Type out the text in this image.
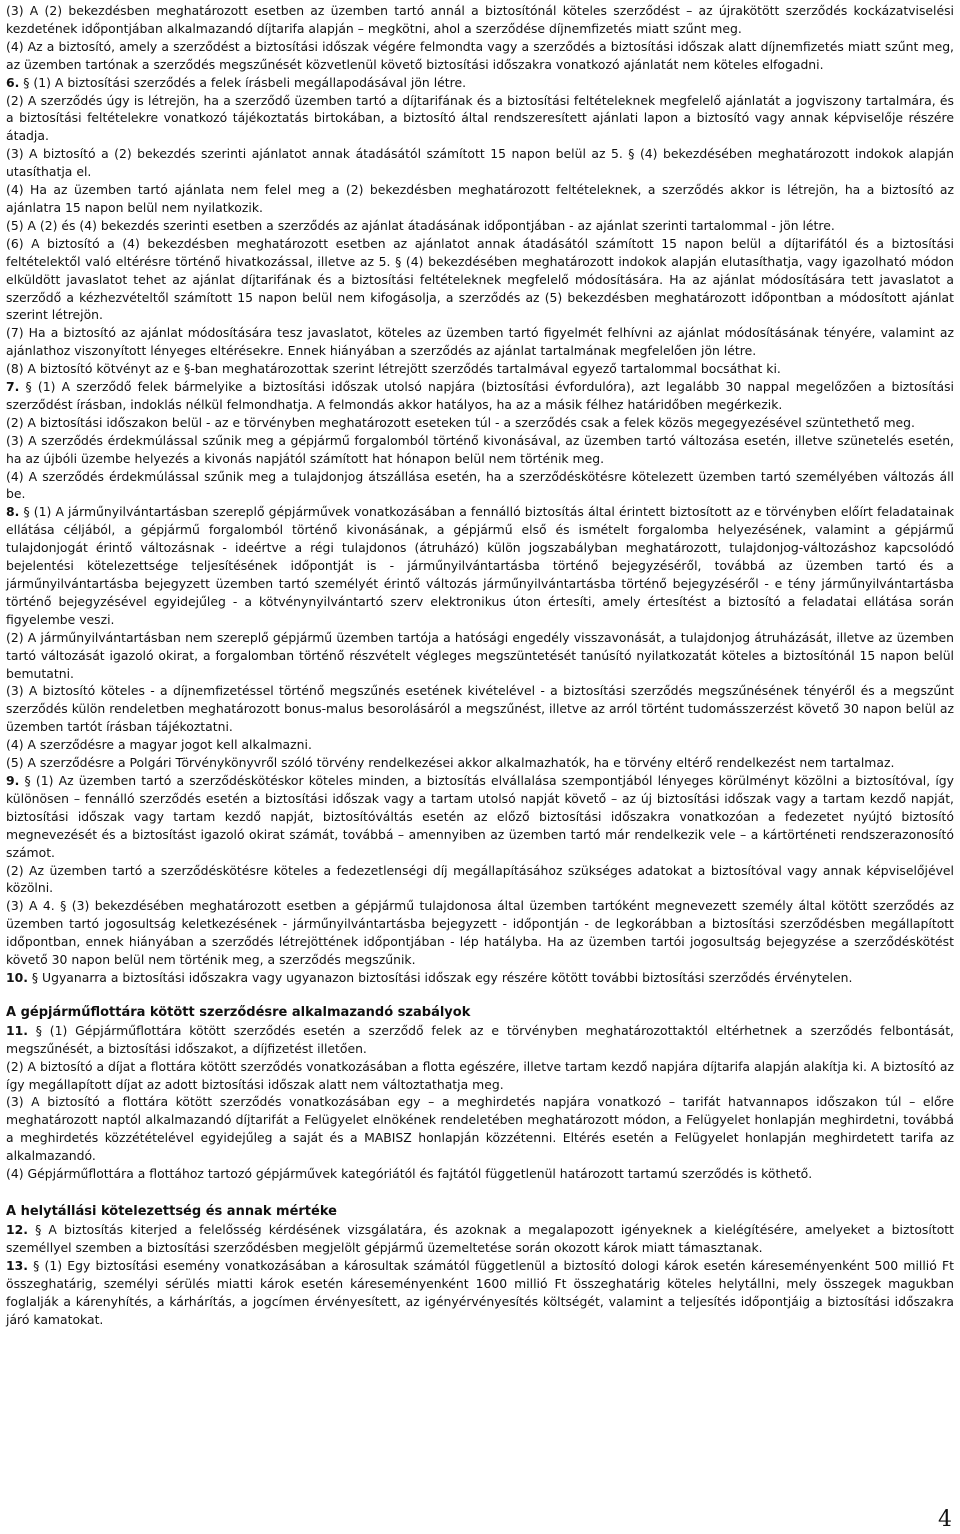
(3) A (2) bekezdésben meghatározott esetben az üzemben tartó annál a biztosítónál köteles szerződést – az újrakötött szerződés kockázatviselési kezdetének időpontjában alkalmazandó díjtarifa alapján – megkötni, ahol a szerződése díjnemfizetés miatt szűnt meg.

(4) Az a biztosító, amely a szerződést a biztosítási időszak végére felmondta vagy a szerződés a biztosítási időszak alatt díjnemfizetés miatt szűnt meg, az üzemben tartónak a szerződés megszűnését közvetlenül követő biztosítási időszakra vonatkozó ajánlatát nem köteles elfogadni.

6. § (1) A biztosítási szerződés a felek írásbeli megállapodásával jön létre.

(2) A szerződés úgy is létrejön, ha a szerződő üzemben tartó a díjtarifának és a biztosítási feltételeknek megfelelő ajánlatát a jogviszony tartalmára, és a biztosítási feltételekre vonatkozó tájékoztatás birtokában, a biztosító által rendszeresített ajánlati lapon a biztosító vagy annak képviselője részére átadja.

(3) A biztosító a (2) bekezdés szerinti ajánlatot annak átadásától számított 15 napon belül az 5. § (4) bekezdésében meghatározott indokok alapján utasíthatja el.

(4) Ha az üzemben tartó ajánlata nem felel meg a (2) bekezdésben meghatározott feltételeknek, a szerződés akkor is létrejön, ha a biztosító az ajánlatra 15 napon belül nem nyilatkozik.

(5) A (2) és (4) bekezdés szerinti esetben a szerződés az ajánlat átadásának időpontjában - az ajánlat szerinti tartalommal - jön létre.

(6) A biztosító a (4) bekezdésben meghatározott esetben az ajánlatot annak átadásától számított 15 napon belül a díjtarifától és a biztosítási feltételektől való eltérésre történő hivatkozással, illetve az 5. § (4) bekezdésében meghatározott indokok alapján elutasíthatja, vagy igazolható módon elküldött javaslatot tehet az ajánlat díjtarifának és a biztosítási feltételeknek megfelelő módosítására. Ha az ajánlat módosítására tett javaslatot a szerződő a kézhezvételtől számított 15 napon belül nem kifogásolja, a szerződés az (5) bekezdésben meghatározott időpontban a módosított ajánlat szerint létrejön.

(7) Ha a biztosító az ajánlat módosítására tesz javaslatot, köteles az üzemben tartó figyelmét felhívni az ajánlat módosításának tényére, valamint az ajánlathoz viszonyított lényeges eltérésekre. Ennek hiányában a szerződés az ajánlat tartalmának megfelelően jön létre.

(8) A biztosító kötvényt az e §-ban meghatározottak szerint létrejött szerződés tartalmával egyező tartalommal bocsáthat ki.

7. § (1) A szerződő felek bármelyike a biztosítási időszak utolsó napjára (biztosítási évfordulóra), azt legalább 30 nappal megelőzően a biztosítási szerződést írásban, indoklás nélkül felmondhatja. A felmondás akkor hatályos, ha az a másik félhez határidőben megérkezik.

(2) A biztosítási időszakon belül - az e törvényben meghatározott eseteken túl - a szerződés csak a felek közös megegyezésével szüntethető meg.

(3) A szerződés érdekmúlással szűnik meg a gépjármű forgalomból történő kivonásával, az üzemben tartó változása esetén, illetve szünetelés esetén, ha az újbóli üzembe helyezés a kivonás napjától számított hat hónapon belül nem történik meg.

(4) A szerződés érdekmúlással szűnik meg a tulajdonjog átszállása esetén, ha a szerződéskötésre kötelezett üzemben tartó személyében változás áll be.

8. § (1) A járműnyilvántartásban szereplő gépjárművek vonatkozásában a fennálló biztosítás által érintett biztosított az e törvényben előírt feladatainak ellátása céljából, a gépjármű forgalomból történő kivonásának, a gépjármű első és ismételt forgalomba helyezésének, valamint a gépjármű tulajdonjogát érintő változásnak - ideértve a régi tulajdonos (átruházó) külön jogszabályban meghatározott, tulajdonjog-változáshoz kapcsolódó bejelentési kötelezettsége teljesítésének időpontját is - járműnyilvántartásba történő bejegyzéséről, továbbá az üzemben tartó és a járműnyilvántartásba bejegyzett üzemben tartó személyét érintő változás járműnyilvántartásba történő bejegyzéséről - e tény járműnyilvántartásba történő bejegyzésével egyidejűleg - a kötvénynyilvántartó szerv elektronikus úton értesíti, amely értesítést a biztosító a feladatai ellátása során figyelembe veszi.

(2) A járműnyilvántartásban nem szereplő gépjármű üzemben tartója a hatósági engedély visszavonását, a tulajdonjog átruházását, illetve az üzemben tartó változását igazoló okirat, a forgalomban történő részvételt végleges megszüntetését tanúsító nyilatkozatát köteles a biztosítónál 15 napon belül bemutatni.

(3) A biztosító köteles - a díjnemfizetéssel történő megszűnés esetének kivételével - a biztosítási szerződés megszűnésének tényéről és a megszűnt szerződés külön rendeletben meghatározott bonus-malus besorolásáról a megszűnést, illetve az arról történt tudomásszerzést követő 30 napon belül az üzemben tartót írásban tájékoztatni.

(4) A szerződésre a magyar jogot kell alkalmazni.

(5) A szerződésre a Polgári Törvénykönyvről szóló törvény rendelkezései akkor alkalmazhatók, ha e törvény eltérő rendelkezést nem tartalmaz.

9. § (1) Az üzemben tartó a szerződéskötéskor köteles minden, a biztosítás elvállalása szempontjából lényeges körülményt közölni a biztosítóval, így különösen – fennálló szerződés esetén a biztosítási időszak vagy a tartam utolsó napját követő – az új biztosítási időszak vagy a tartam kezdő napját, biztosítási időszak vagy tartam kezdő napját, biztosítóváltás esetén az előző biztosítási időszakra vonatkozóan a fedezetet nyújtó biztosító megnevezését és a biztosítást igazoló okirat számát, továbbá – amennyiben az üzemben tartó már rendelkezik vele – a kártörténeti rendszerazonosító számot.

(2) Az üzemben tartó a szerződéskötésre köteles a fedezetlenségi díj megállapításához szükséges adatokat a biztosítóval vagy annak képviselőjével közölni.

(3) A 4. § (3) bekezdésében meghatározott esetben a gépjármű tulajdonosa által üzemben tartóként megnevezett személy által kötött szerződés az üzemben tartó jogosultság keletkezésének - járműnyilvántartásba bejegyzett - időpontján - de legkorábban a biztosítási szerződésben megállapított időpontban, ennek hiányában a szerződés létrejöttének időpontjában - lép hatályba. Ha az üzemben tartói jogosultság bejegyzése a szerződéskötést követő 30 napon belül nem történik meg, a szerződés megszűnik.

10. § Ugyanarra a biztosítási időszakra vagy ugyanazon biztosítási időszak egy részére kötött további biztosítási szerződés érvénytelen.

A gépjárműflottára kötött szerződésre alkalmazandó szabályok

11. § (1) Gépjárműflottára kötött szerződés esetén a szerződő felek az e törvényben meghatározottaktól eltérhetnek a szerződés felbontását, megszűnését, a biztosítási időszakot, a díjfizetést illetően.

(2) A biztosító a díjat a flottára kötött szerződés vonatkozásában a flotta egészére, illetve tartam kezdő napjára díjtarifa alapján alakítja ki. A biztosító az így megállapított díjat az adott biztosítási időszak alatt nem változtathatja meg.

(3) A biztosító a flottára kötött szerződés vonatkozásában egy – a meghirdetés napjára vonatkozó – tarifát hatvannapos időszakon túl – előre meghatározott naptól alkalmazandó díjtarifát a Felügyelet elnökének rendeletében meghatározott módon, a Felügyelet honlapján meghirdetni, továbbá a meghirdetés közzétételével egyidejűleg a saját és a MABISZ honlapján közzétenni. Eltérés esetén a Felügyelet honlapján meghirdetett tarifa az alkalmazandó.

(4) Gépjárműflottára a flottához tartozó gépjárművek kategóriától és fajtától függetlenül határozott tartamú szerződés is köthető.

A helytállási kötelezettség és annak mértéke

12. § A biztosítás kiterjed a felelősség kérdésének vizsgálatára, és azoknak a megalapozott igényeknek a kielégítésére, amelyeket a biztosított személlyel szemben a biztosítási szerződésben megjelölt gépjármű üzemeltetése során okozott károk miatt támasztanak.

13. § (1) Egy biztosítási esemény vonatkozásában a károsultak számától függetlenül a biztosító dologi károk esetén káreseményenként 500 millió Ft összeghatárig, személyi sérülés miatti károk esetén káreseményenként 1600 millió Ft összeghatárig köteles helytállni, mely összegek magukban foglalják a kárenyhítés, a kárhárítás, a jogcímen érvényesített, az igényérvényesítés költségét, valamint a teljesítés időpontjáig a biztosítási időszakra járó kamatokat.

4
